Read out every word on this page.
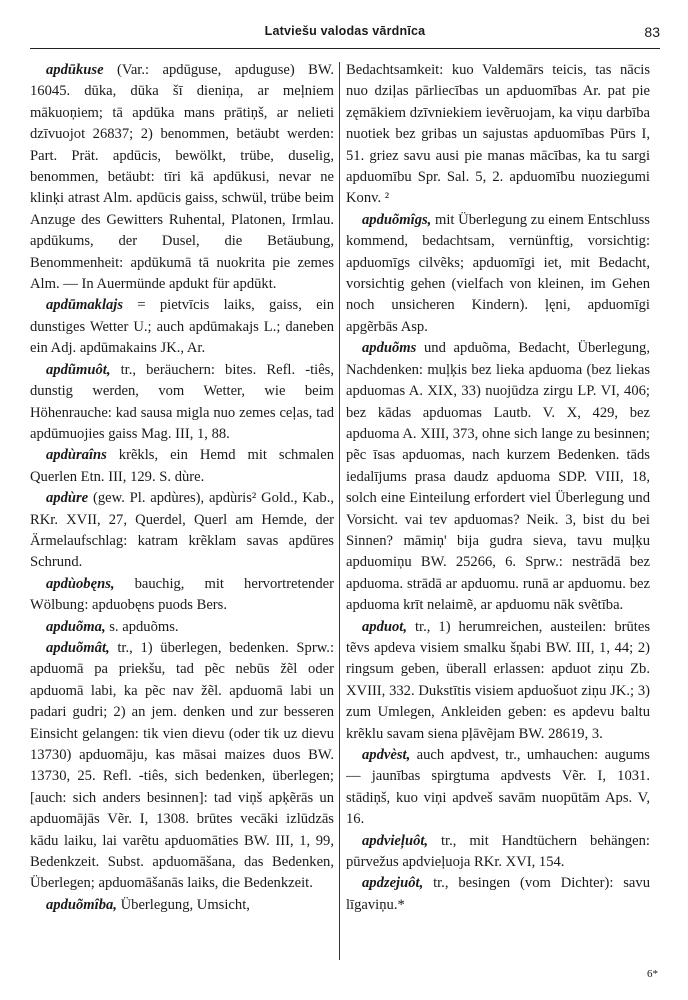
Latviešu valodas vārdnīca	83

apdūkuse (Var.: apdūguse, apduguse) BW. 16045. dūka, dūka šī dieniņa, ar meļniem mākuoņiem; tā apdūka mans prātiņš, ar nelieti dzīvuojot 26837; 2) benommen, betäubt werden: Part. Prät. apdūcis, bewölkt, trübe, duselig, benommen, betäubt: tīri kā apdūkusi, nevar ne klinķi atrast Alm. apdūcis gaiss, schwül, trübe beim Anzuge des Gewitters Ruhental, Platonen, Irmlau. apdūkums, der Dusel, die Betäubung, Benommenheit: apdūkumā tā nuokrita pie zemes Alm. — In Auermünde apdukt für apdūkt.

apdūmaklajs = pietvīcis laiks, gaiss, ein dunstiges Wetter U.; auch apdūmakajs L.; daneben ein Adj. apdūmakains JK., Ar.

apdũmuôt, tr., beräuchern: bites. Refl. -tiês, dunstig werden, vom Wetter, wie beim Höhenrauche: kad sausa migla nuo zemes ceļas, tad apdūmuojies gaiss Mag. III, 1, 88.

apdùraîns krẽkls, ein Hemd mit schmalen Querlen Etn. III, 129. S. dùre.

apdùre (gew. Pl. apdùres), apdùris² Gold., Kab., RKr. XVII, 27, Querdel, Querl am Hemde, der Ärmelaufschlag: katram krẽklam savas apdūres Schrund.

apdùobęns, bauchig, mit hervortretender Wölbung: apduobęns puods Bers.

apduõma, s. apduõms.

apduõmât, tr., 1) überlegen, bedenken. Sprw.: apduomā pa priekšu, tad pẽc nebūs žẽl oder apduomā labi, ka pẽc nav žẽl. apduomā labi un padari gudri; 2) an jem. denken und zur besseren Einsicht gelangen: tik vien dievu (oder tik uz dievu 13730) apduomāju, kas māsai maizes duos BW. 13730, 25. Refl. -tiês, sich bedenken, überlegen; [auch: sich anders besinnen]: tad viņš apķẽrās un apduomājās Vẽr. I, 1308. brūtes vecāki izlūdzās kādu laiku, lai varẽtu apduomāties BW. III, 1, 99, Bedenkzeit. Subst. apduomāšana, das Bedenken, Überlegen; apduomāšanās laiks, die Bedenkzeit.

apduõmîba, Überlegung, Umsicht,

Bedachtsamkeit: kuo Valdemārs teicis, tas nācis nuo dziļas pārliecības un apduomības Ar. pat pie zęmākiem dzīvniekiem ievẽruojam, ka viņu darbība nuotiek bez gribas un sajustas apduomības Pūrs I, 51. griez savu ausi pie manas mācības, ka tu sargi apduomību Spr. Sal. 5, 2. apduomību nuoziegumi Konv. ²

apduõmîgs, mit Überlegung zu einem Entschluss kommend, bedachtsam, vernünftig, vorsichtig: apduomīgs cilvẽks; apduomīgi iet, mit Bedacht, vorsichtig gehen (vielfach von kleinen, im Gehen noch unsicheren Kindern). ļęni, apduomīgi apgẽrbās Asp.

apduõms und apduõma, Bedacht, Überlegung, Nachdenken: muļķis bez lieka apduoma (bez liekas apduomas A. XIX, 33) nuojūdza zirgu LP. VI, 406; bez kādas apduomas Lautb. V. X, 429, bez apduoma A. XIII, 373, ohne sich lange zu besinnen; pẽc īsas apduomas, nach kurzem Bedenken. tāds iedalījums prasa daudz apduoma SDP. VIII, 18, solch eine Einteilung erfordert viel Überlegung und Vorsicht. vai tev apduomas? Neik. 3, bist du bei Sinnen? māmiņ' bija gudra sieva, tavu muļķu apduomiņu BW. 25266, 6. Sprw.: nestrādā bez apduoma. strādā ar apduomu. runā ar apduomu. bez apduoma krīt nelaimẽ, ar apduomu nāk svẽtība.

apduot, tr., 1) herumreichen, austeilen: brūtes tẽvs apdeva visiem smalku šņabi BW. III, 1, 44; 2) ringsum geben, überall erlassen: apduot ziņu Zb. XVIII, 332. Dukstītis visiem apduošuot ziņu JK.; 3) zum Umlegen, Ankleiden geben: es apdevu baltu krẽklu savam siena pļāvẽjam BW. 28619, 3.

apdvèst, auch apdvest, tr., umhauchen: augums — jaunības spirgtuma apdvests Vẽr. I, 1031. stādiņš, kuo viņi apdveš savām nuopūtām Aps. V, 16.

apdvieļuôt, tr., mit Handtüchern behängen: pūrvežus apdvieļuoja RKr. XVI, 154.

apdzejuôt, tr., besingen (vom Dichter): savu līgaviņu.*

6*
